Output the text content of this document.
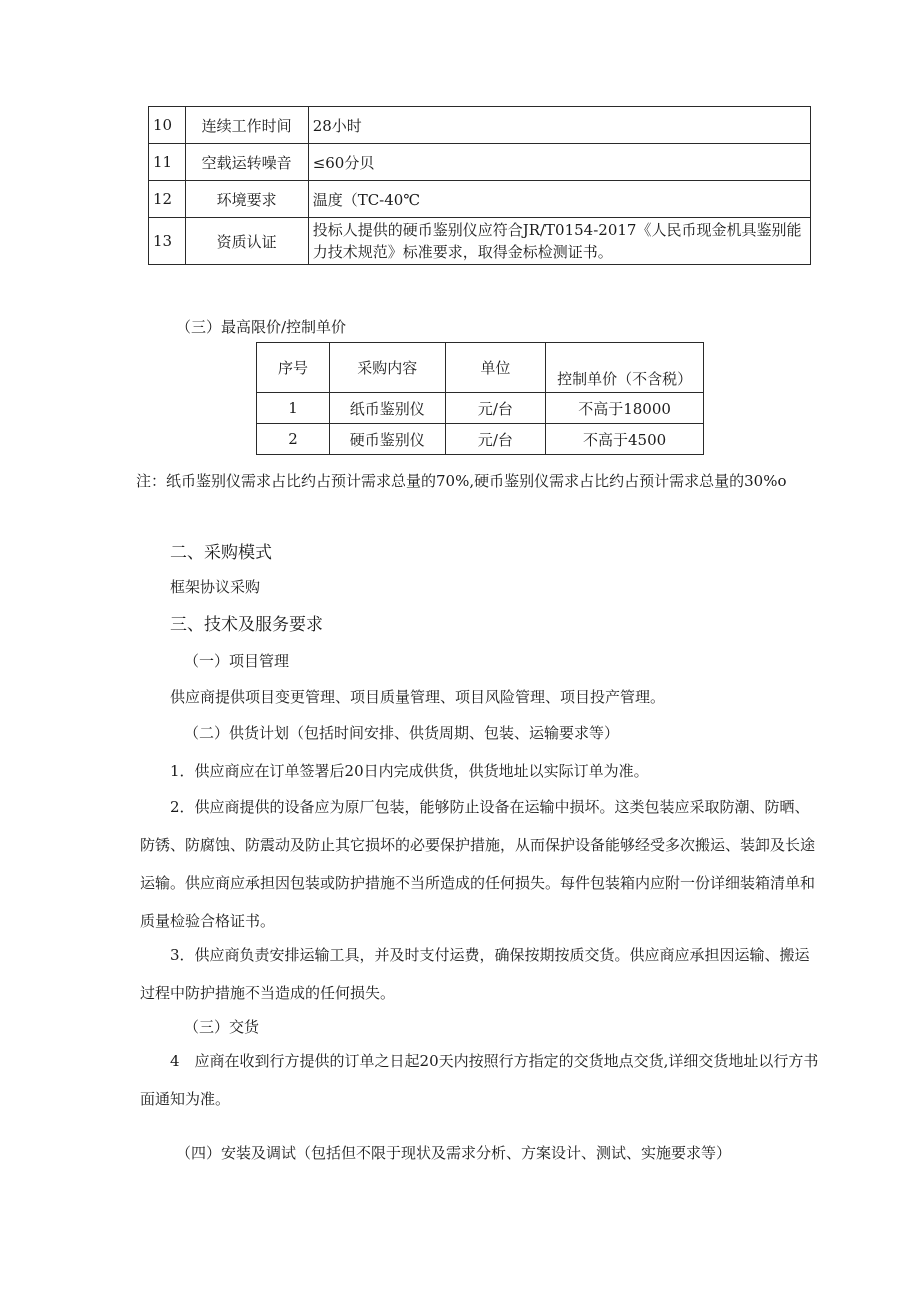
10	连续工作时间	28小时
11	空载运转噪音	≤60分贝
12	环境要求	温度（TC-40℃
13	资质认证	投标人提供的硬币鉴别仪应符合JR/T0154-2017《人民币现金机具鉴别能力技术规范》标准要求，取得金标检测证书。
（三）最高限价/控制单价
序号	采购内容	单位	控制单价（不含税）
1	纸币鉴别仪	元/台	不高于18000
2	硬币鉴别仪	元/台	不高于4500
注：纸币鉴别仪需求占比约占预计需求总量的70%,硬币鉴别仪需求占比约占预计需求总量的30%o
二、采购模式
框架协议采购
三、技术及服务要求
（一）项目管理
供应商提供项目变更管理、项目质量管理、项目风险管理、项目投产管理。
（二）供货计划（包括时间安排、供货周期、包装、运输要求等）
1．供应商应在订单签署后20日内完成供货，供货地址以实际订单为准。
2．供应商提供的设备应为原厂包装，能够防止设备在运输中损坏。这类包装应采取防潮、防晒、防锈、防腐蚀、防震动及防止其它损坏的必要保护措施，从而保护设备能够经受多次搬运、装卸及长途运输。供应商应承担因包装或防护措施不当所造成的任何损失。每件包装箱内应附一份详细装箱清单和质量检验合格证书。
3．供应商负责安排运输工具，并及时支付运费，确保按期按质交货。供应商应承担因运输、搬运过程中防护措施不当造成的任何损失。
（三）交货
4　应商在收到行方提供的订单之日起20天内按照行方指定的交货地点交货,详细交货地址以行方书面通知为准。
（四）安装及调试（包括但不限于现状及需求分析、方案设计、测试、实施要求等）
